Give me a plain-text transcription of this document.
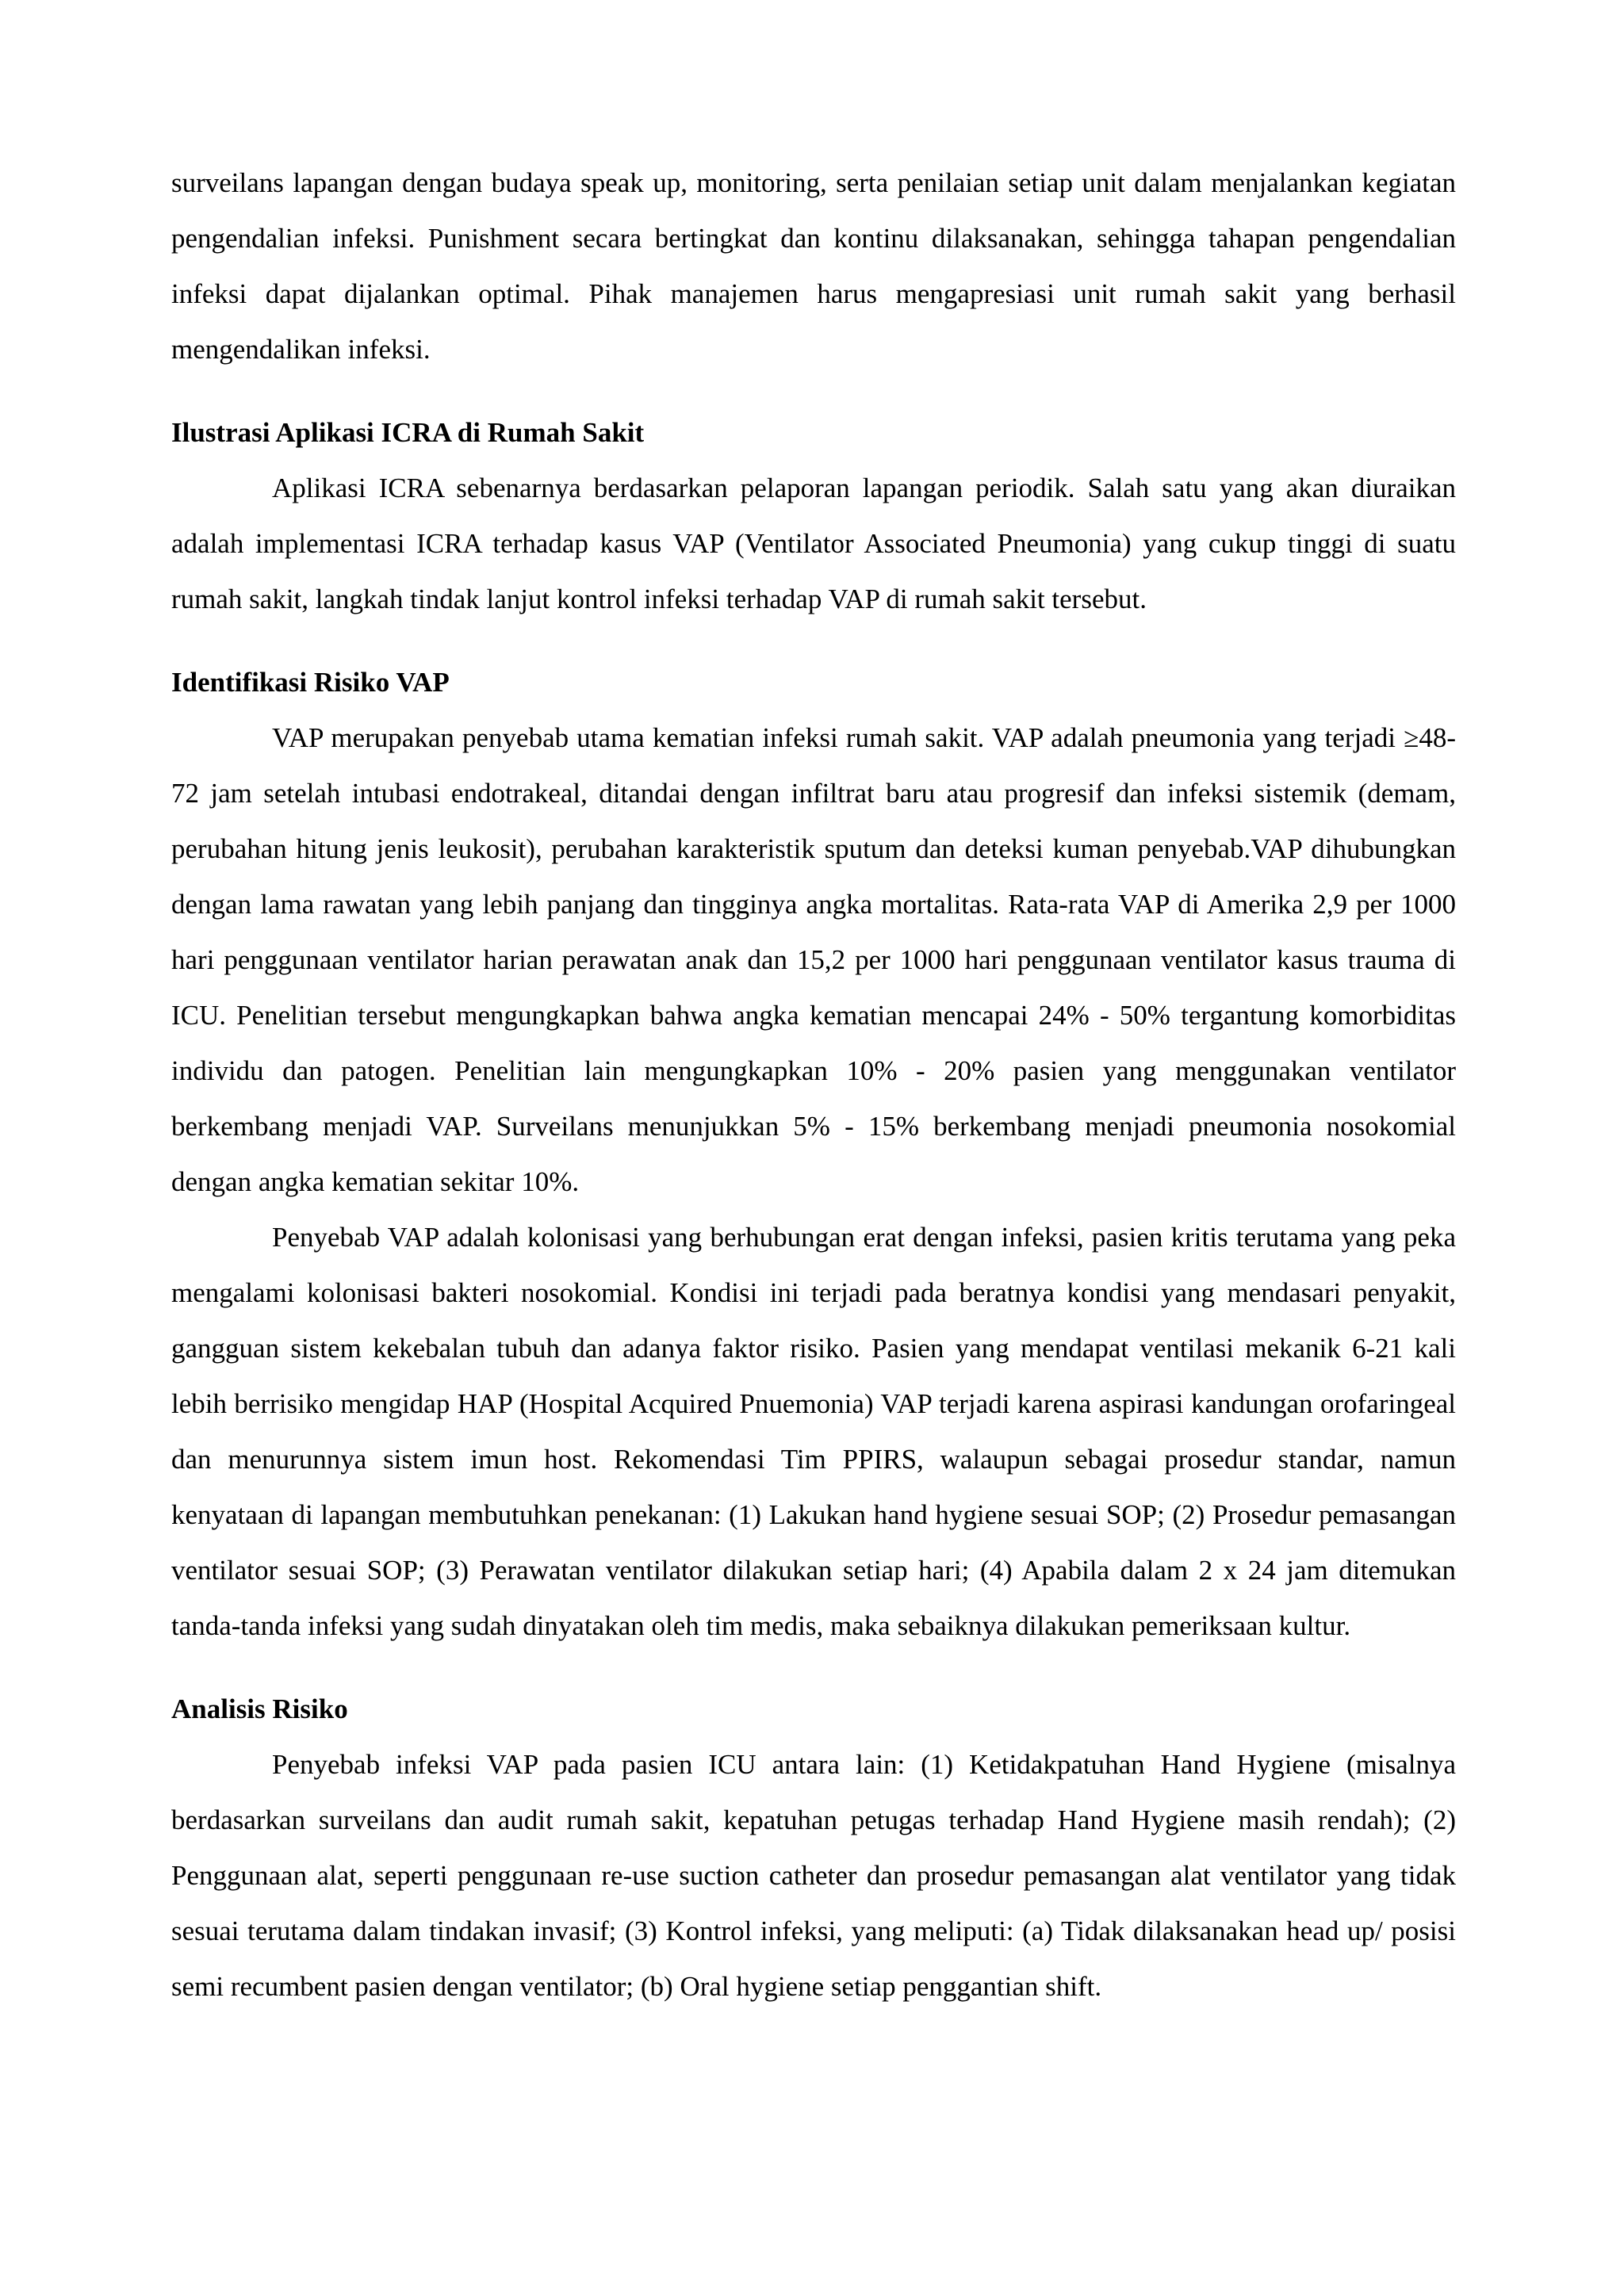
surveilans lapangan dengan budaya speak up, monitoring, serta penilaian setiap unit dalam menjalankan kegiatan pengendalian infeksi. Punishment secara bertingkat dan kontinu dilaksanakan, sehingga tahapan pengendalian infeksi dapat dijalankan optimal. Pihak manajemen harus mengapresiasi unit rumah sakit yang berhasil mengendalikan infeksi.

Ilustrasi Aplikasi ICRA di Rumah Sakit

Aplikasi ICRA sebenarnya berdasarkan pelaporan lapangan periodik. Salah satu yang akan diuraikan adalah implementasi ICRA terhadap kasus VAP (Ventilator Associated Pneumonia) yang cukup tinggi di suatu rumah sakit, langkah tindak lanjut kontrol infeksi terhadap VAP di rumah sakit tersebut.

Identifikasi Risiko VAP

VAP merupakan penyebab utama kematian infeksi rumah sakit. VAP adalah pneumonia yang terjadi ≥48-72 jam setelah intubasi endotrakeal, ditandai dengan infiltrat baru atau progresif dan infeksi sistemik (demam, perubahan hitung jenis leukosit), perubahan karakteristik sputum dan deteksi kuman penyebab.VAP dihubungkan dengan lama rawatan yang lebih panjang dan tingginya angka mortalitas. Rata-rata VAP di Amerika 2,9 per 1000 hari penggunaan ventilator harian perawatan anak dan 15,2 per 1000 hari penggunaan ventilator kasus trauma di ICU. Penelitian tersebut mengungkapkan bahwa angka kematian mencapai 24% - 50% tergantung komorbiditas individu dan patogen. Penelitian lain mengungkapkan 10% - 20% pasien yang menggunakan ventilator berkembang menjadi VAP. Surveilans menunjukkan 5% - 15% berkembang menjadi pneumonia nosokomial dengan angka kematian sekitar 10%.

Penyebab VAP adalah kolonisasi yang berhubungan erat dengan infeksi, pasien kritis terutama yang peka mengalami kolonisasi bakteri nosokomial. Kondisi ini terjadi pada beratnya kondisi yang mendasari penyakit, gangguan sistem kekebalan tubuh dan adanya faktor risiko. Pasien yang mendapat ventilasi mekanik 6-21 kali lebih berrisiko mengidap HAP (Hospital Acquired Pnuemonia) VAP terjadi karena aspirasi kandungan orofaringeal dan menurunnya sistem imun host. Rekomendasi Tim PPIRS, walaupun sebagai prosedur standar, namun kenyataan di lapangan membutuhkan penekanan: (1) Lakukan hand hygiene sesuai SOP; (2) Prosedur pemasangan ventilator sesuai SOP; (3) Perawatan ventilator dilakukan setiap hari; (4) Apabila dalam 2 x 24 jam ditemukan tanda-tanda infeksi yang sudah dinyatakan oleh tim medis, maka sebaiknya dilakukan pemeriksaan kultur.

Analisis Risiko

Penyebab infeksi VAP pada pasien ICU antara lain: (1) Ketidakpatuhan Hand Hygiene (misalnya berdasarkan surveilans dan audit rumah sakit, kepatuhan petugas terhadap Hand Hygiene masih rendah); (2) Penggunaan alat, seperti penggunaan re-use suction catheter dan prosedur pemasangan alat ventilator yang tidak sesuai terutama dalam tindakan invasif; (3) Kontrol infeksi, yang meliputi: (a) Tidak dilaksanakan head up/ posisi semi recumbent pasien dengan ventilator; (b) Oral hygiene setiap penggantian shift.
